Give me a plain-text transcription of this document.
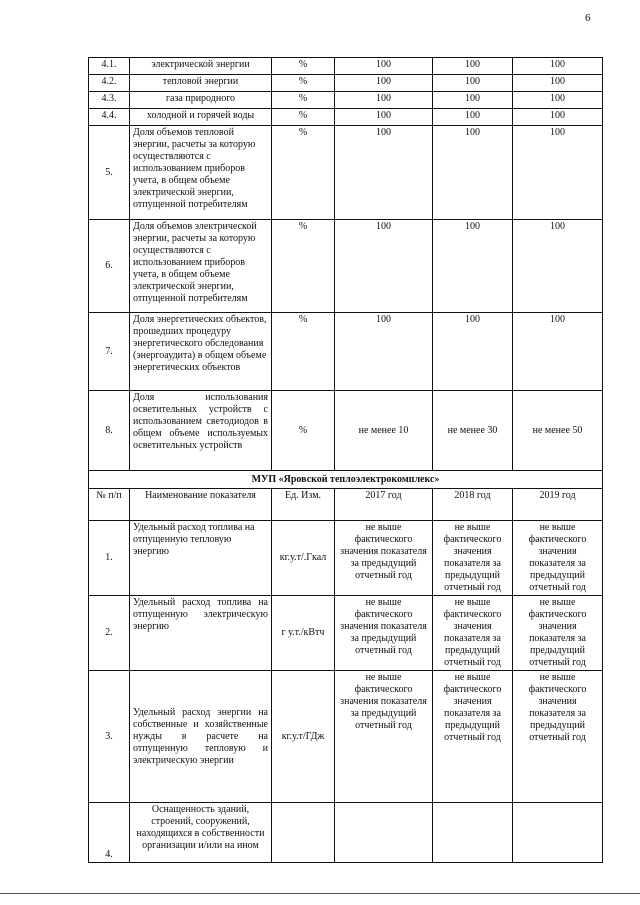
6
4.1.	электрической энергии	%	100	100	100
4.2.	тепловой энергии	%	100	100	100
4.3.	газа природного	%	100	100	100
4.4.	холодной и горячей воды	%	100	100	100
5.	Доля объемов тепловой энергии, расчеты за которую осуществляются с использованием приборов учета, в общем объеме электрической энергии, отпущенной потребителям	%	100	100	100
6.	Доля объемов электрической энергии, расчеты за которую осуществляются с использованием приборов учета, в общем объеме электрической энергии, отпущенной потребителям	%	100	100	100
7.	Доля энергетических объектов, прошедших процедуру энергетического обследования (энергоаудита) в общем объеме энергетических объектов	%	100	100	100
8.	Доля использования осветительных устройств с использованием светодиодов в общем объеме используемых осветительных устройств	%	не менее 10	не менее 30	не менее 50
МУП «Яровской теплоэлектрокомплекс»					
№ п/п	Наименование показателя	Ед. Изм.	2017 год	2018 год	2019 год
1.	Удельный расход топлива на отпущенную тепловую энергию	кг.у.т/.Гкал	не выше фактического значения показателя за предыдущий отчетный год	не выше фактического значения показателя за предыдущий отчетный год	не выше фактического значения показателя за предыдущий отчетный год
2.	Удельный расход топлива на отпущенную электрическую энергию	г у.т./кВтч	не выше фактического значения показателя за предыдущий отчетный год	не выше фактического значения показателя за предыдущий отчетный год	не выше фактического значения показателя за предыдущий отчетный год
3.	Удельный расход энергии на собственные и хозяйственные нужды в расчете на отпущенную тепловую и электрическую энергии	кг.у.т/ГДж	не выше фактического значения показателя за предыдущий отчетный год	не выше фактического значения показателя за предыдущий отчетный год	не выше фактического значения показателя за предыдущий отчетный год
4.	Оснащенность зданий, строений, сооружений, находящихся в собственности организации и/или на ином				
